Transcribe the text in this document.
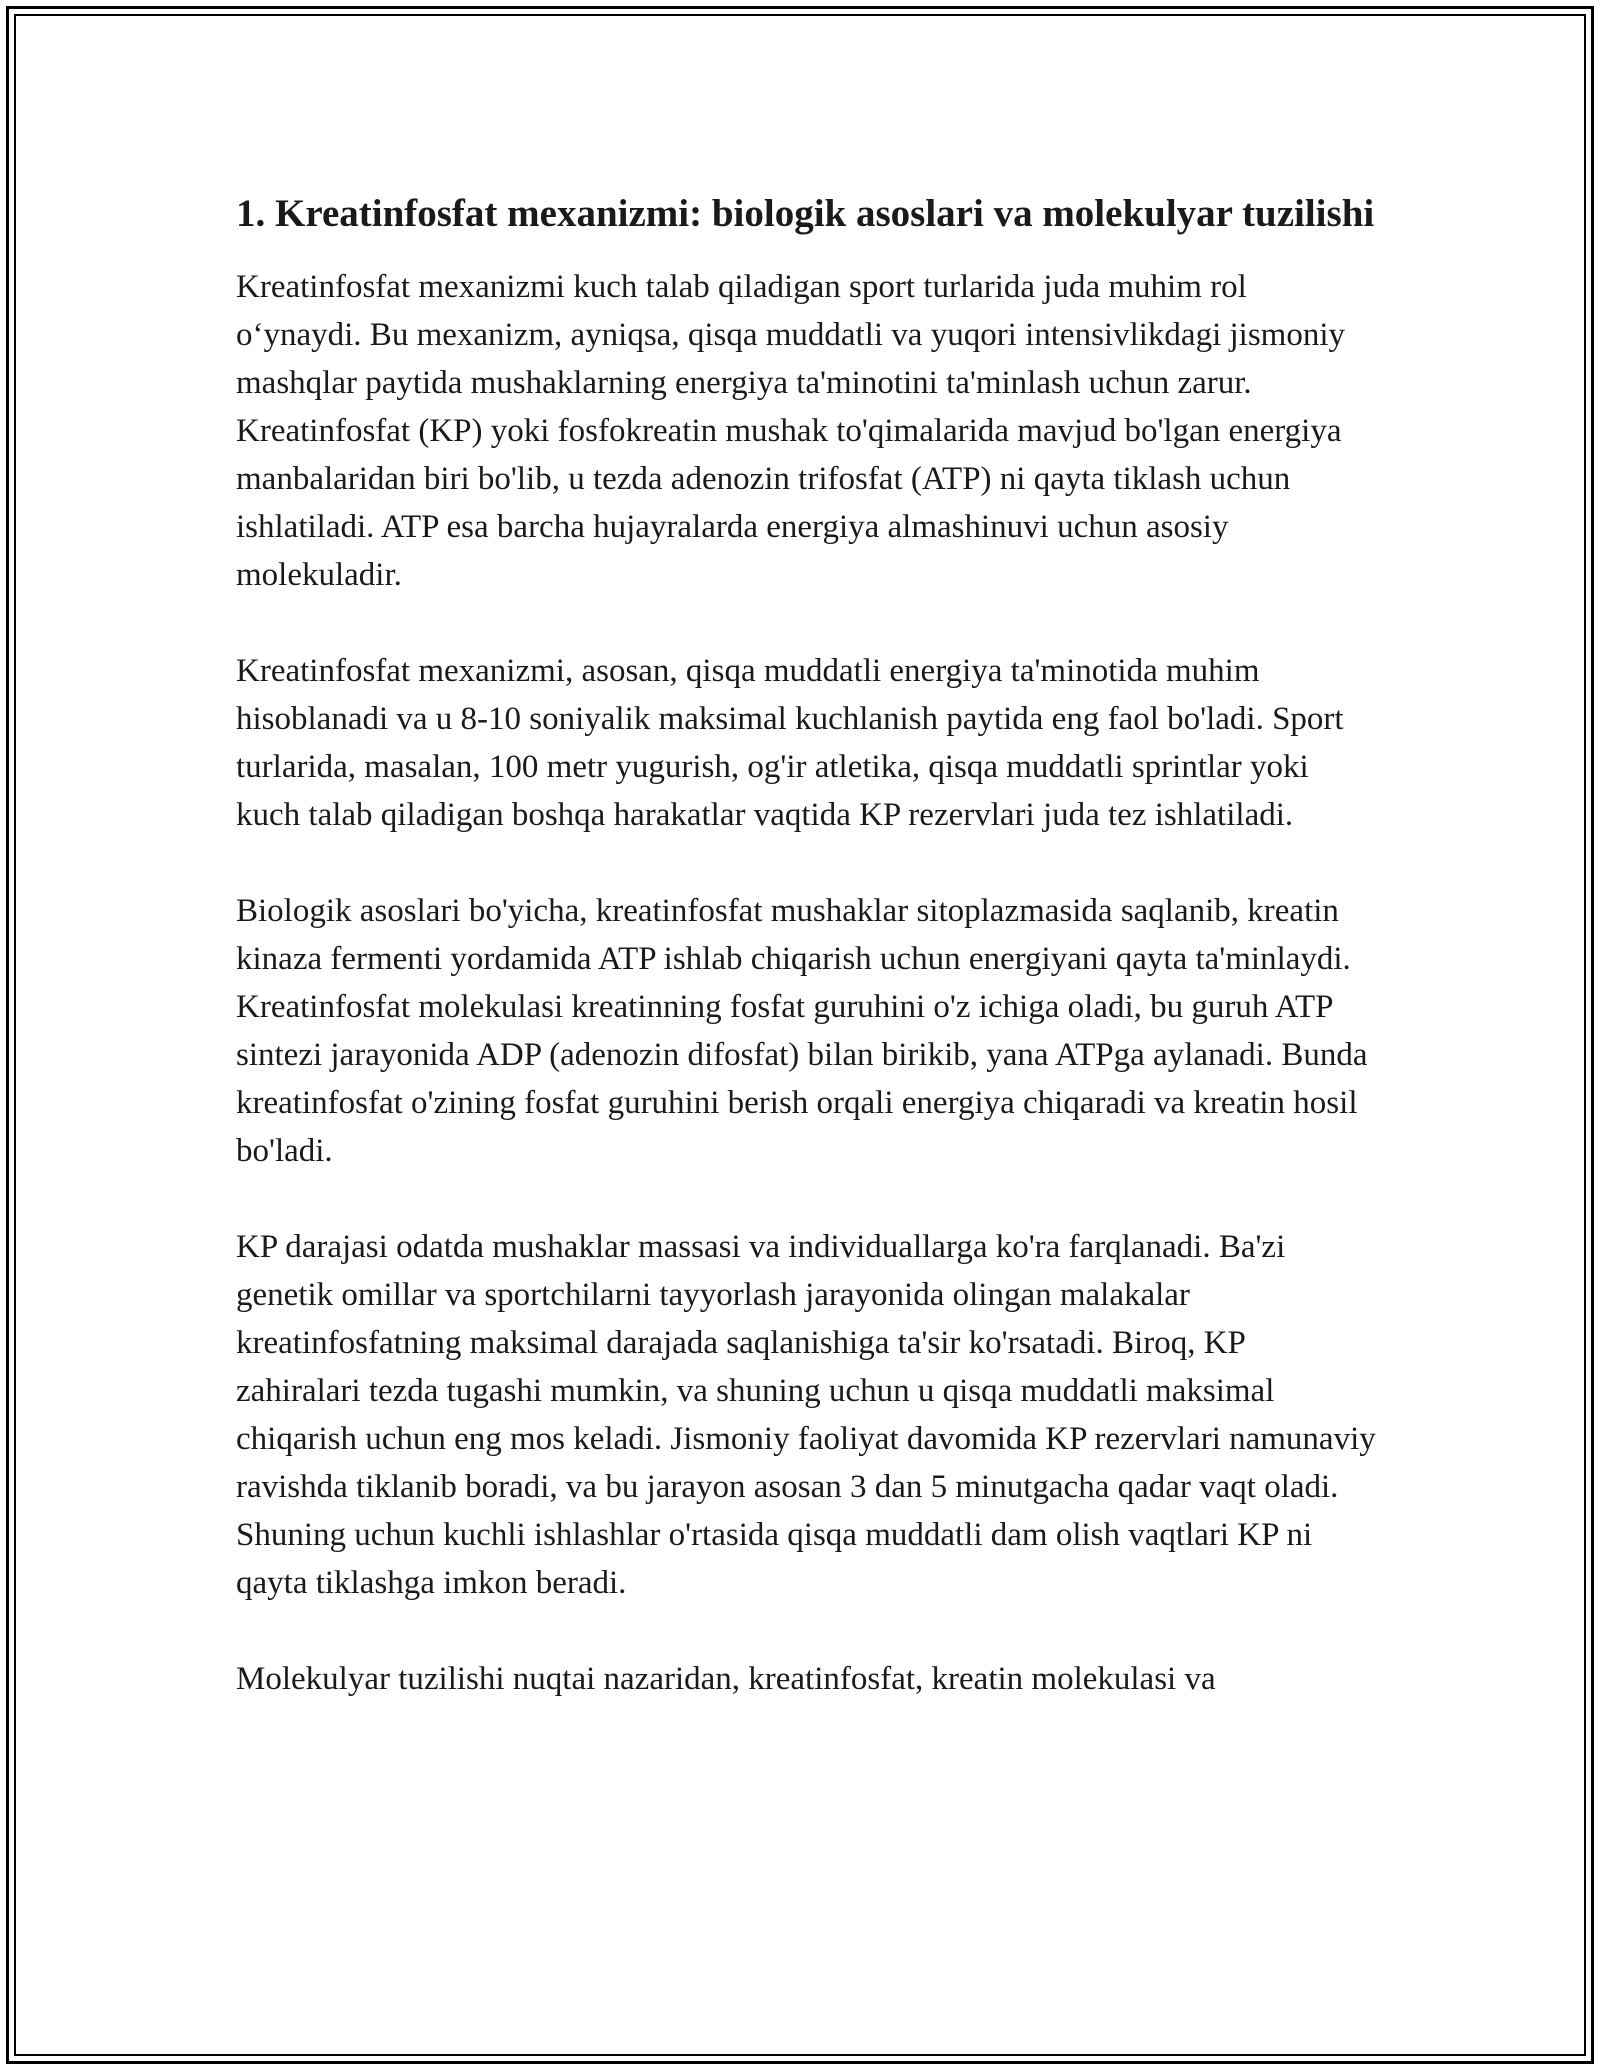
1. Kreatinfosfat mexanizmi: biologik asoslari va molekulyar tuzilishi

Kreatinfosfat mexanizmi kuch talab qiladigan sport turlarida juda muhim rol o‘ynaydi. Bu mexanizm, ayniqsa, qisqa muddatli va yuqori intensivlikdagi jismoniy mashqlar paytida mushaklarning energiya ta'minotini ta'minlash uchun zarur. Kreatinfosfat (KP) yoki fosfokreatin mushak to'qimalarida mavjud bo'lgan energiya manbalaridan biri bo'lib, u tezda adenozin trifosfat (ATP) ni qayta tiklash uchun ishlatiladi. ATP esa barcha hujayralarda energiya almashinuvi uchun asosiy molekuladir.

Kreatinfosfat mexanizmi, asosan, qisqa muddatli energiya ta'minotida muhim hisoblanadi va u 8-10 soniyalik maksimal kuchlanish paytida eng faol bo'ladi. Sport turlarida, masalan, 100 metr yugurish, og'ir atletika, qisqa muddatli sprintlar yoki kuch talab qiladigan boshqa harakatlar vaqtida KP rezervlari juda tez ishlatiladi.

Biologik asoslari bo'yicha, kreatinfosfat mushaklar sitoplazmasida saqlanib, kreatin kinaza fermenti yordamida ATP ishlab chiqarish uchun energiyani qayta ta'minlaydi. Kreatinfosfat molekulasi kreatinning fosfat guruhini o'z ichiga oladi, bu guruh ATP sintezi jarayonida ADP (adenozin difosfat) bilan birikib, yana ATPga aylanadi. Bunda kreatinfosfat o'zining fosfat guruhini berish orqali energiya chiqaradi va kreatin hosil bo'ladi.

KP darajasi odatda mushaklar massasi va individuallarga ko'ra farqlanadi. Ba'zi genetik omillar va sportchilarni tayyorlash jarayonida olingan malakalar kreatinfosfatning maksimal darajada saqlanishiga ta'sir ko'rsatadi. Biroq, KP zahiralari tezda tugashi mumkin, va shuning uchun u qisqa muddatli maksimal chiqarish uchun eng mos keladi. Jismoniy faoliyat davomida KP rezervlari namunaviy ravishda tiklanib boradi, va bu jarayon asosan 3 dan 5 minutgacha qadar vaqt oladi. Shuning uchun kuchli ishlashlar o'rtasida qisqa muddatli dam olish vaqtlari KP ni qayta tiklashga imkon beradi.

Molekulyar tuzilishi nuqtai nazaridan, kreatinfosfat, kreatin molekulasi va
